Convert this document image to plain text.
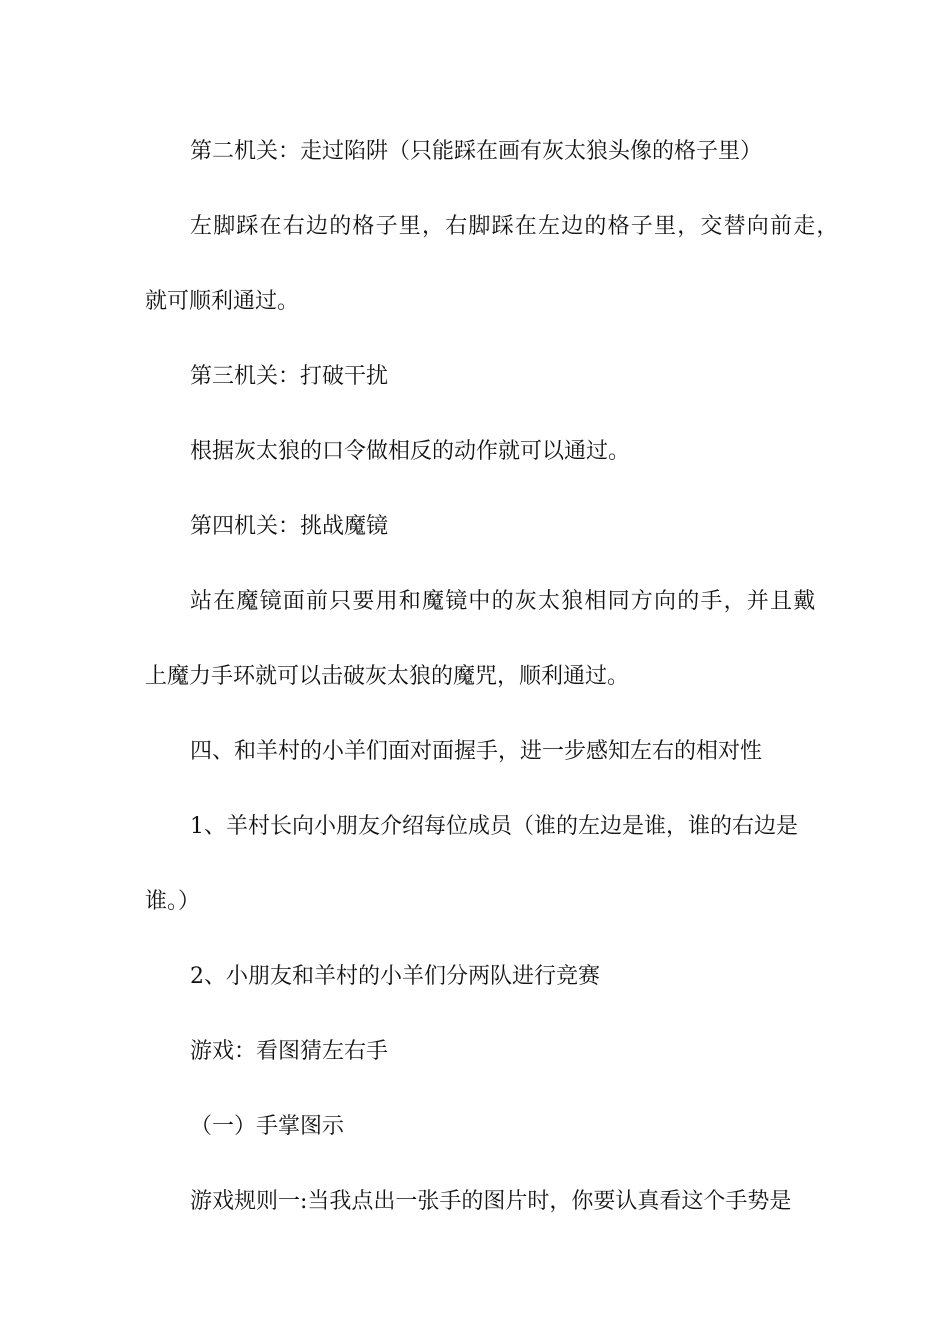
第二机关：走过陷阱（只能踩在画有灰太狼头像的格子里）

左脚踩在右边的格子里，右脚踩在左边的格子里，交替向前走，

就可顺利通过。

第三机关：打破干扰

根据灰太狼的口令做相反的动作就可以通过。

第四机关：挑战魔镜

站在魔镜面前只要用和魔镜中的灰太狼相同方向的手，并且戴

上魔力手环就可以击破灰太狼的魔咒，顺利通过。

四、和羊村的小羊们面对面握手，进一步感知左右的相对性

1、羊村长向小朋友介绍每位成员（谁的左边是谁，谁的右边是

谁。）

2、小朋友和羊村的小羊们分两队进行竞赛

游戏：看图猜左右手

（一）手掌图示

游戏规则一:当我点出一张手的图片时，你要认真看这个手势是
